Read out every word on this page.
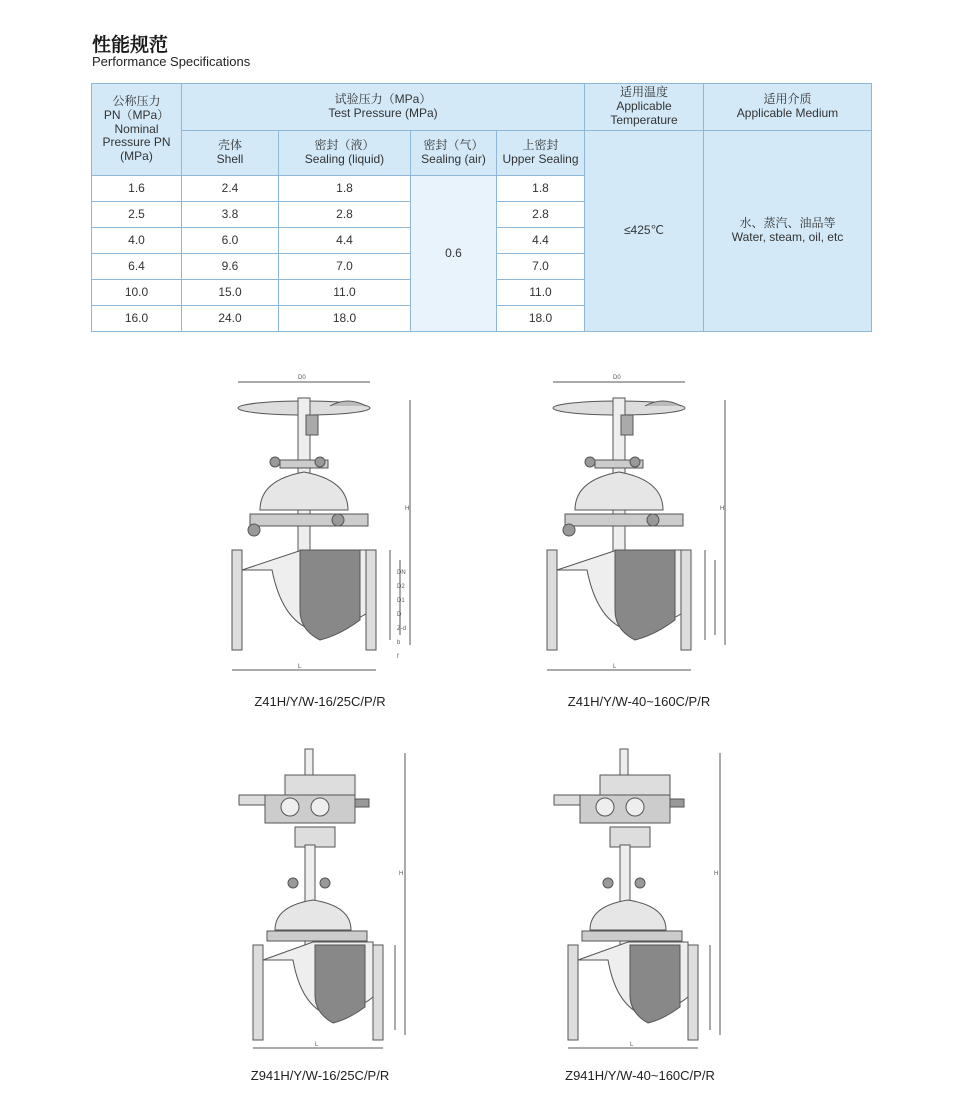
性能规范
Performance Specifications
公称压力
PN（MPa）
Nominal Pressure PN (MPa)	试验压力（MPa）
Test Pressure (MPa)				适用温度
Applicable Temperature	适用介质
Applicable Medium

	壳体
Shell	密封（液）
Sealing (liquid)	密封（气）
Sealing (air)	上密封
Upper Sealing	≤425℃	水、蒸汽、油品等
Water, steam, oil, etc

1.6	2.4	1.8	0.6	1.8		
2.5	3.8	2.8		2.8		
4.0	6.0	4.4		4.4		
6.4	9.6	7.0		7.0		
10.0	15.0	11.0		11.0		
16.0	24.0	18.0		18.0		
D0
H
L
Z41H/Y/W-16/25C/P/R
D0
H
L
Z41H/Y/W-40~160C/P/R
H
L
Z941H/Y/W-16/25C/P/R
H
L
Z941H/Y/W-40~160C/P/R
DN
D2
D1
D
Z-d
b
f
